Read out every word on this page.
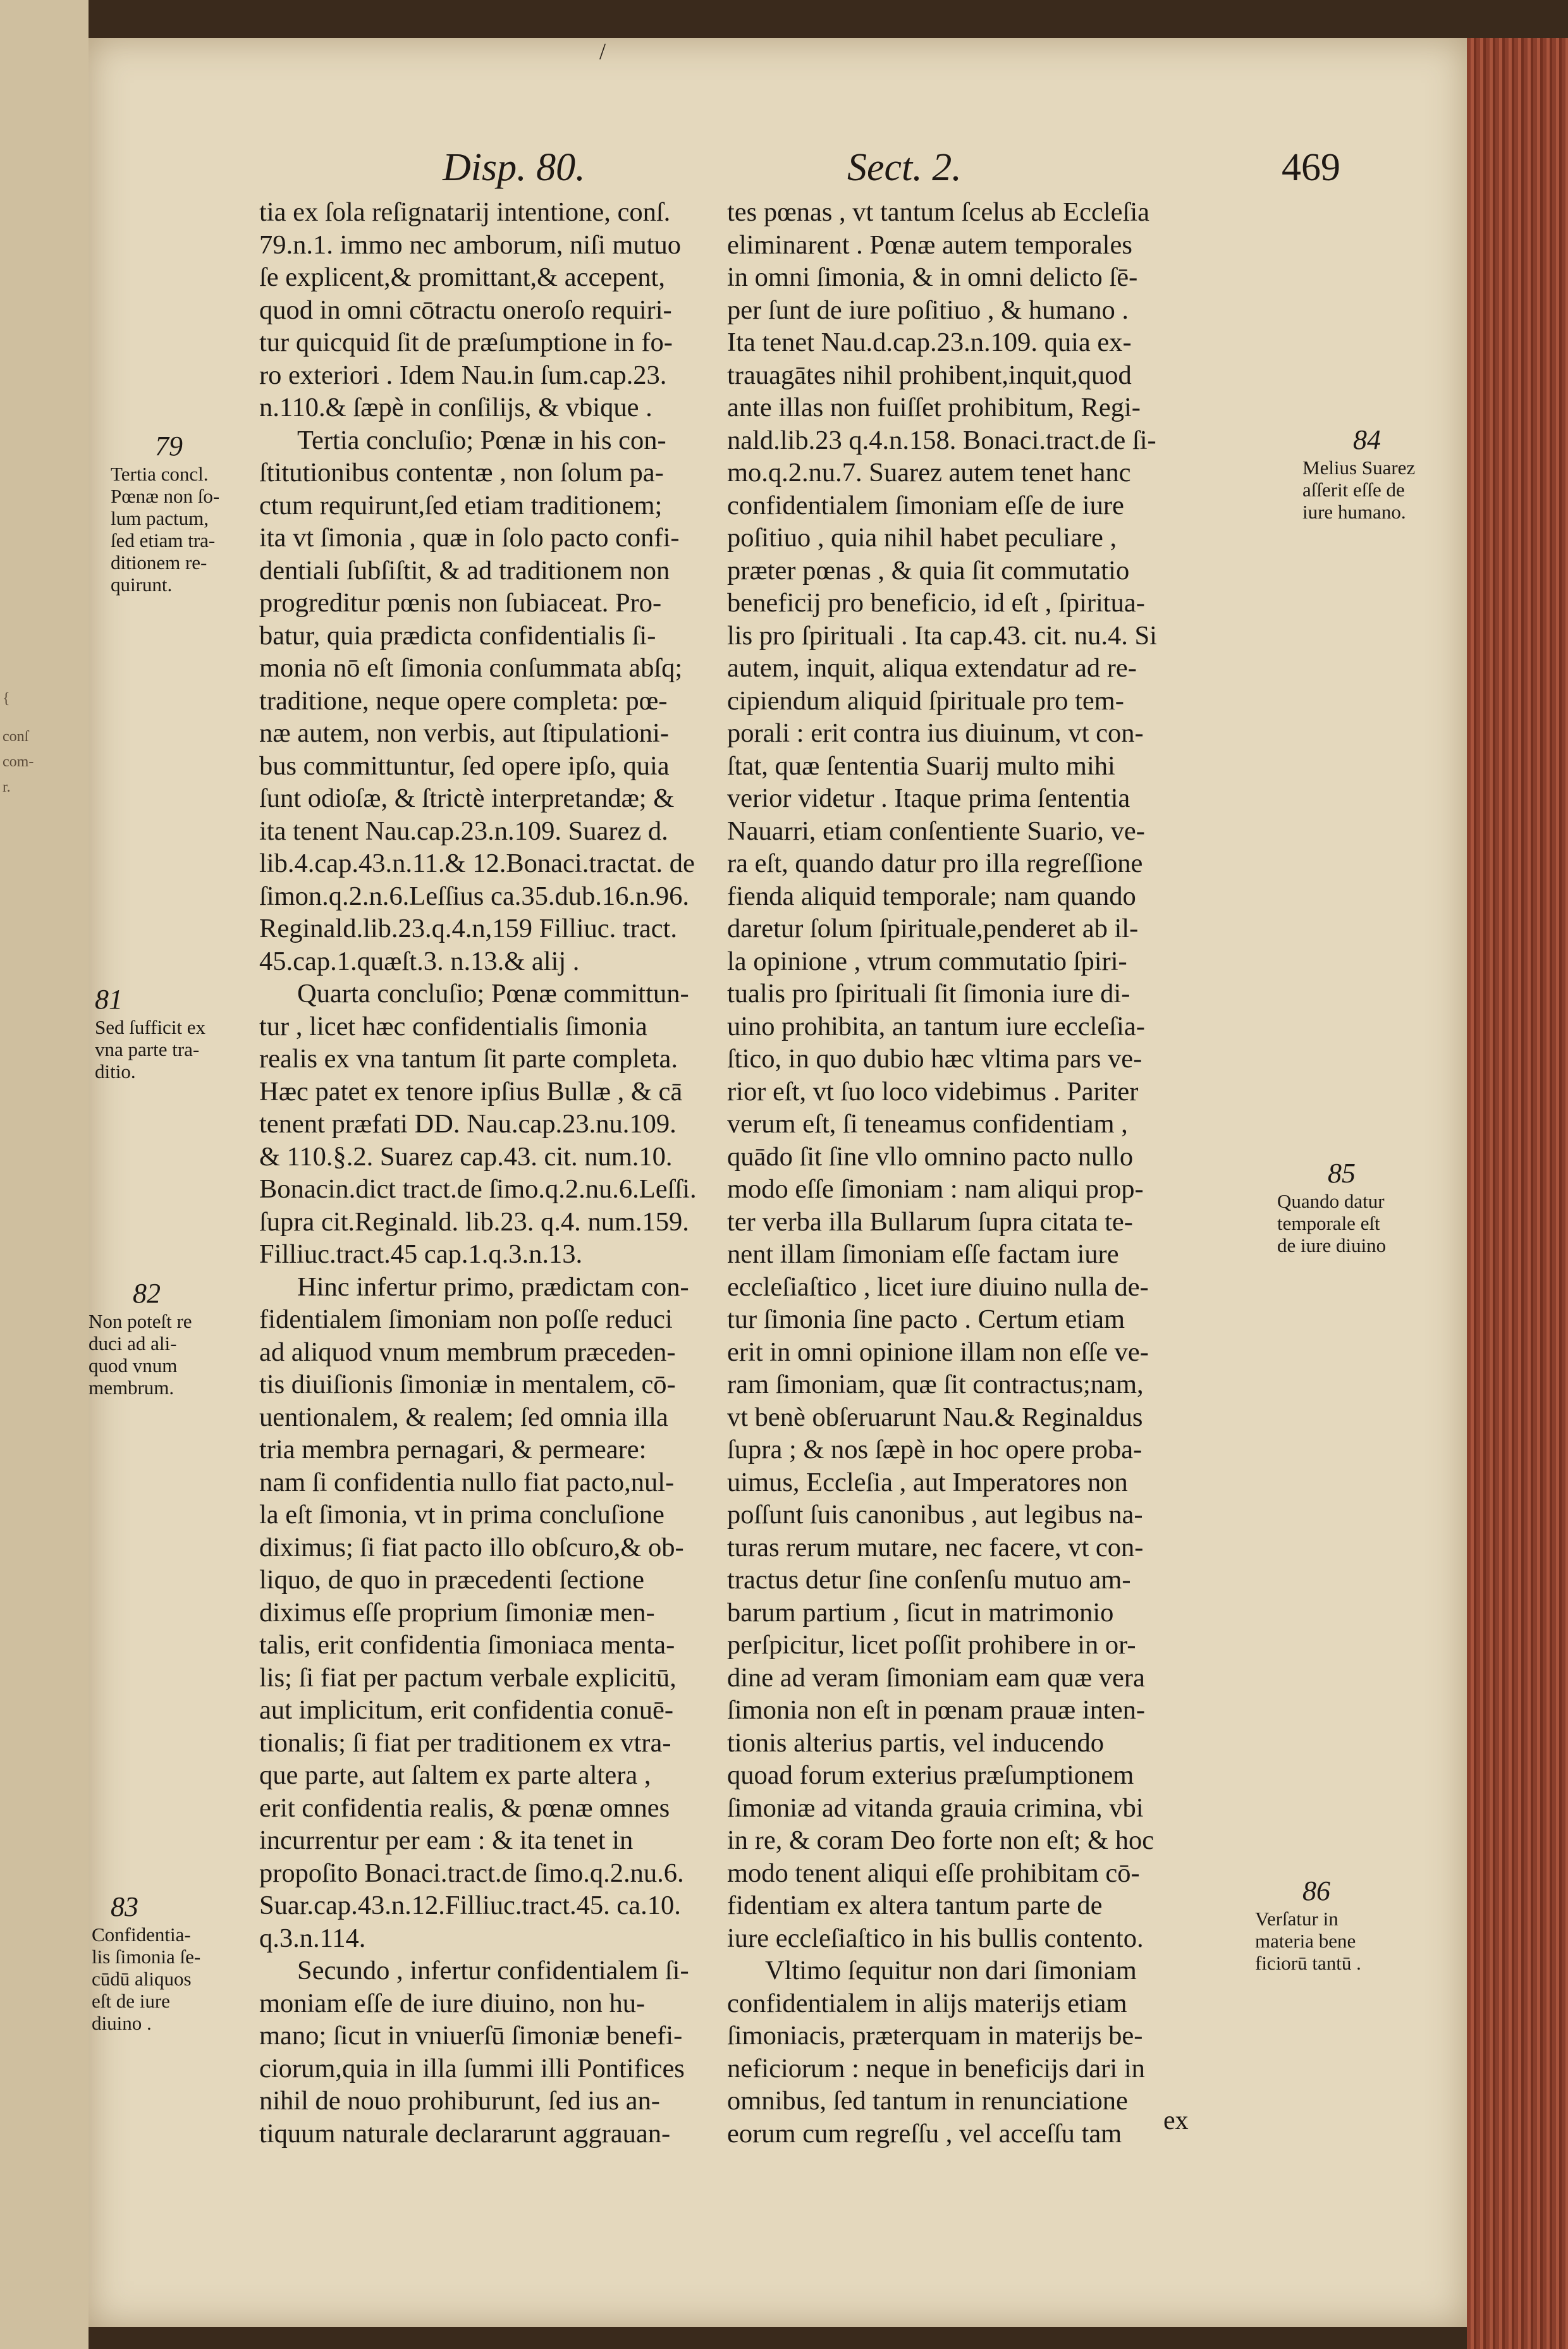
{
conſ
com-
r.
/
Disp. 80.	Sect. 2.	469
tia ex ſola reſignatarij intentione, conſ.
79.n.1. immo nec amborum, niſi mutuo
ſe explicent,& promittant,& accepent,
quod in omni cōtractu oneroſo requiri-
tur quicquid ſit de præſumptione in fo-
ro exteriori . Idem Nau.in ſum.cap.23.
n.110.& ſæpè in conſilijs, & vbique .
Tertia concluſio; Pœnæ in his con-
ſtitutionibus contentæ , non ſolum pa-
ctum requirunt,ſed etiam traditionem;
ita vt ſimonia , quæ in ſolo pacto confi-
dentiali ſubſiſtit, & ad traditionem non
progreditur pœnis non ſubiaceat. Pro-
batur, quia prædicta confidentialis ſi-
monia nō eſt ſimonia conſummata abſq;
traditione, neque opere completa: pœ-
næ autem, non verbis, aut ſtipulationi-
bus committuntur, ſed opere ipſo, quia
ſunt odioſæ, & ſtrictè interpretandæ; &
ita tenent Nau.cap.23.n.109. Suarez d.
lib.4.cap.43.n.11.& 12.Bonaci.tractat. de
ſimon.q.2.n.6.Leſſius ca.35.dub.16.n.96.
Reginald.lib.23.q.4.n,159 Filliuc. tract.
45.cap.1.quæſt.3. n.13.& alij .
Quarta concluſio; Pœnæ committun-
tur , licet hæc confidentialis ſimonia
realis ex vna tantum ſit parte completa.
Hæc patet ex tenore ipſius Bullæ , & cā
tenent præfati DD. Nau.cap.23.nu.109.
& 110.§.2. Suarez cap.43. cit. num.10.
Bonacin.dict tract.de ſimo.q.2.nu.6.Leſſi.
ſupra cit.Reginald. lib.23. q.4. num.159.
Filliuc.tract.45 cap.1.q.3.n.13.
Hinc infertur primo, prædictam con-
fidentialem ſimoniam non poſſe reduci
ad aliquod vnum membrum præceden-
tis diuiſionis ſimoniæ in mentalem, cō-
uentionalem, & realem; ſed omnia illa
tria membra pernagari, & permeare:
nam ſi confidentia nullo fiat pacto,nul-
la eſt ſimonia, vt in prima concluſione
diximus; ſi fiat pacto illo obſcuro,& ob-
liquo, de quo in præcedenti ſectione
diximus eſſe proprium ſimoniæ men-
talis, erit confidentia ſimoniaca menta-
lis; ſi fiat per pactum verbale explicitū,
aut implicitum, erit confidentia conuē-
tionalis; ſi fiat per traditionem ex vtra-
que parte, aut ſaltem ex parte altera ,
erit confidentia realis, & pœnæ omnes
incurrentur per eam : & ita tenet in
propoſito Bonaci.tract.de ſimo.q.2.nu.6.
Suar.cap.43.n.12.Filliuc.tract.45. ca.10.
q.3.n.114.
Secundo , infertur confidentialem ſi-
moniam eſſe de iure diuino, non hu-
mano; ſicut in vniuerſū ſimoniæ benefi-
ciorum,quia in illa ſummi illi Pontifices
nihil de nouo prohiburunt, ſed ius an-
tiquum naturale declararunt aggrauan-
tes pœnas , vt tantum ſcelus ab Eccleſia
eliminarent . Pœnæ autem temporales
in omni ſimonia, & in omni delicto ſē-
per ſunt de iure poſitiuo , & humano .
Ita tenet Nau.d.cap.23.n.109. quia ex-
trauagātes nihil prohibent,inquit,quod
ante illas non fuiſſet prohibitum, Regi-
nald.lib.23 q.4.n.158. Bonaci.tract.de ſi-
mo.q.2.nu.7. Suarez autem tenet hanc
confidentialem ſimoniam eſſe de iure
poſitiuo , quia nihil habet peculiare ,
præter pœnas , & quia ſit commutatio
beneficij pro beneficio, id eſt , ſpiritua-
lis pro ſpirituali . Ita cap.43. cit. nu.4. Si
autem, inquit, aliqua extendatur ad re-
cipiendum aliquid ſpirituale pro tem-
porali : erit contra ius diuinum, vt con-
ſtat, quæ ſententia Suarij multo mihi
verior videtur . Itaque prima ſententia
Nauarri, etiam conſentiente Suario, ve-
ra eſt, quando datur pro illa regreſſione
fienda aliquid temporale; nam quando
daretur ſolum ſpirituale,penderet ab il-
la opinione , vtrum commutatio ſpiri-
tualis pro ſpirituali ſit ſimonia iure di-
uino prohibita, an tantum iure eccleſia-
ſtico, in quo dubio hæc vltima pars ve-
rior eſt, vt ſuo loco videbimus . Pariter
verum eſt, ſi teneamus confidentiam ,
quādo ſit ſine vllo omnino pacto nullo
modo eſſe ſimoniam : nam aliqui prop-
ter verba illa Bullarum ſupra citata te-
nent illam ſimoniam eſſe factam iure
eccleſiaſtico , licet iure diuino nulla de-
tur ſimonia ſine pacto . Certum etiam
erit in omni opinione illam non eſſe ve-
ram ſimoniam, quæ ſit contractus;nam,
vt benè obſeruarunt Nau.& Reginaldus
ſupra ; & nos ſæpè in hoc opere proba-
uimus, Eccleſia , aut Imperatores non
poſſunt ſuis canonibus , aut legibus na-
turas rerum mutare, nec facere, vt con-
tractus detur ſine conſenſu mutuo am-
barum partium , ſicut in matrimonio
perſpicitur, licet poſſit prohibere in or-
dine ad veram ſimoniam eam quæ vera
ſimonia non eſt in pœnam prauæ inten-
tionis alterius partis, vel inducendo
quoad forum exterius præſumptionem
ſimoniæ ad vitanda grauia crimina, vbi
in re, & coram Deo forte non eſt; & hoc
modo tenent aliqui eſſe prohibitam cō-
fidentiam ex altera tantum parte de
iure eccleſiaſtico in his bullis contento.
Vltimo ſequitur non dari ſimoniam
confidentialem in alijs materijs etiam
ſimoniacis, præterquam in materijs be-
neficiorum : neque in beneficijs dari in
omnibus, ſed tantum in renunciatione
eorum cum regreſſu , vel acceſſu tam	ex
79
Tertia concl.
Pœnæ non ſo-
lum pactum,
ſed etiam tra-
ditionem re-
quirunt.
81
Sed ſufficit ex
vna parte tra-
ditio.
82
Non poteſt re
duci ad ali-
quod vnum
membrum.
83
Confidentia-
lis ſimonia ſe-
cūdū aliquos
eſt de iure
diuino .
84
Melius Suarez
aſſerit eſſe de
iure humano.
85
Quando datur
temporale eſt
de iure diuino
86
Verſatur in
materia bene
ficiorū tantū .
